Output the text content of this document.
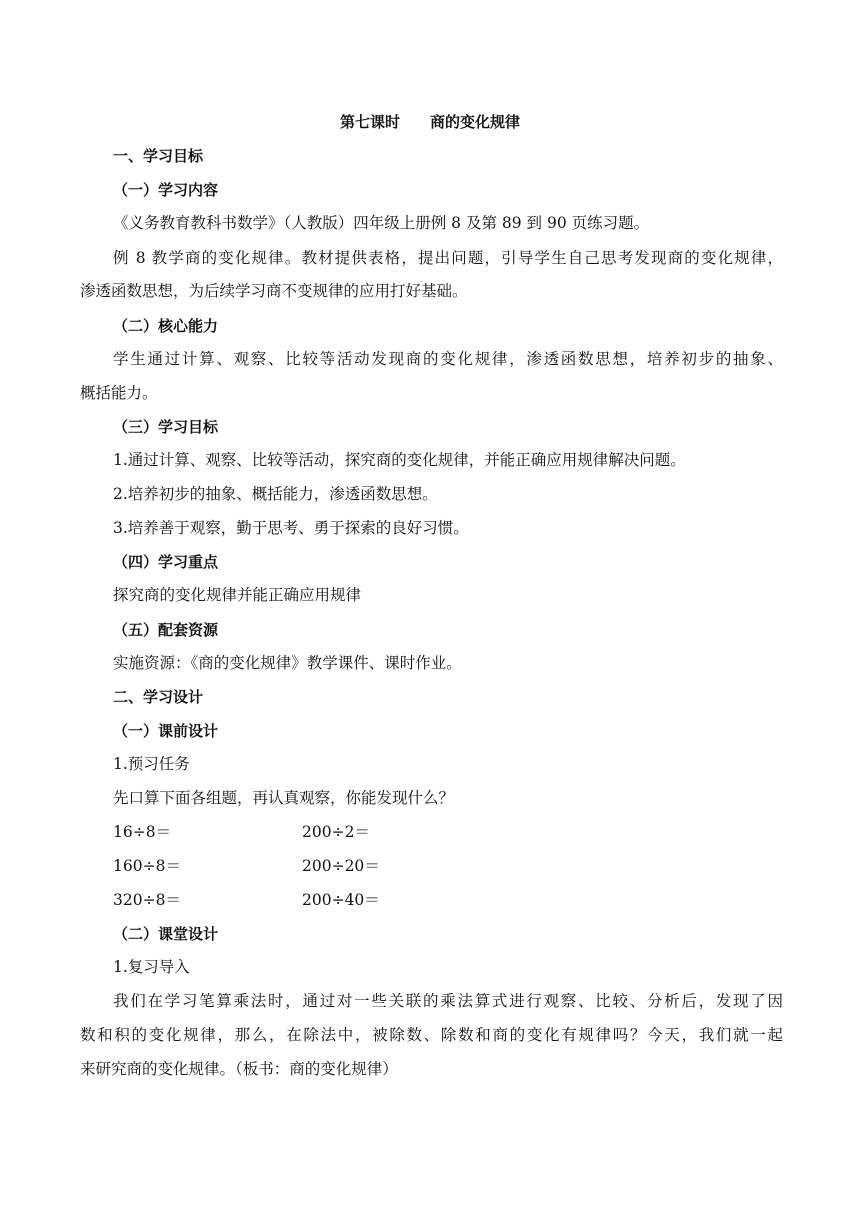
第七课时　　商的变化规律
一、学习目标
（一）学习内容
《义务教育教科书数学》（人教版）四年级上册例 8 及第 89 到 90 页练习题。
例 8 教学商的变化规律。教材提供表格，提出问题，引导学生自己思考发现商的变化规律，
渗透函数思想，为后续学习商不变规律的应用打好基础。
（二）核心能力
学生通过计算、观察、比较等活动发现商的变化规律，渗透函数思想，培养初步的抽象、
概括能力。
（三）学习目标
1.通过计算、观察、比较等活动，探究商的变化规律，并能正确应用规律解决问题。
2.培养初步的抽象、概括能力，渗透函数思想。
3.培养善于观察，勤于思考、勇于探索的良好习惯。
（四）学习重点
探究商的变化规律并能正确应用规律
（五）配套资源
实施资源：《商的变化规律》教学课件、课时作业。
二、学习设计
（一）课前设计
1.预习任务
先口算下面各组题，再认真观察，你能发现什么？
16÷8＝	200÷2＝
160÷8＝	200÷20＝
320÷8＝	200÷40＝
（二）课堂设计
1.复习导入
我们在学习笔算乘法时，通过对一些关联的乘法算式进行观察、比较、分析后，发现了因
数和积的变化规律，那么，在除法中，被除数、除数和商的变化有规律吗？今天，我们就一起
来研究商的变化规律。（板书：商的变化规律）
